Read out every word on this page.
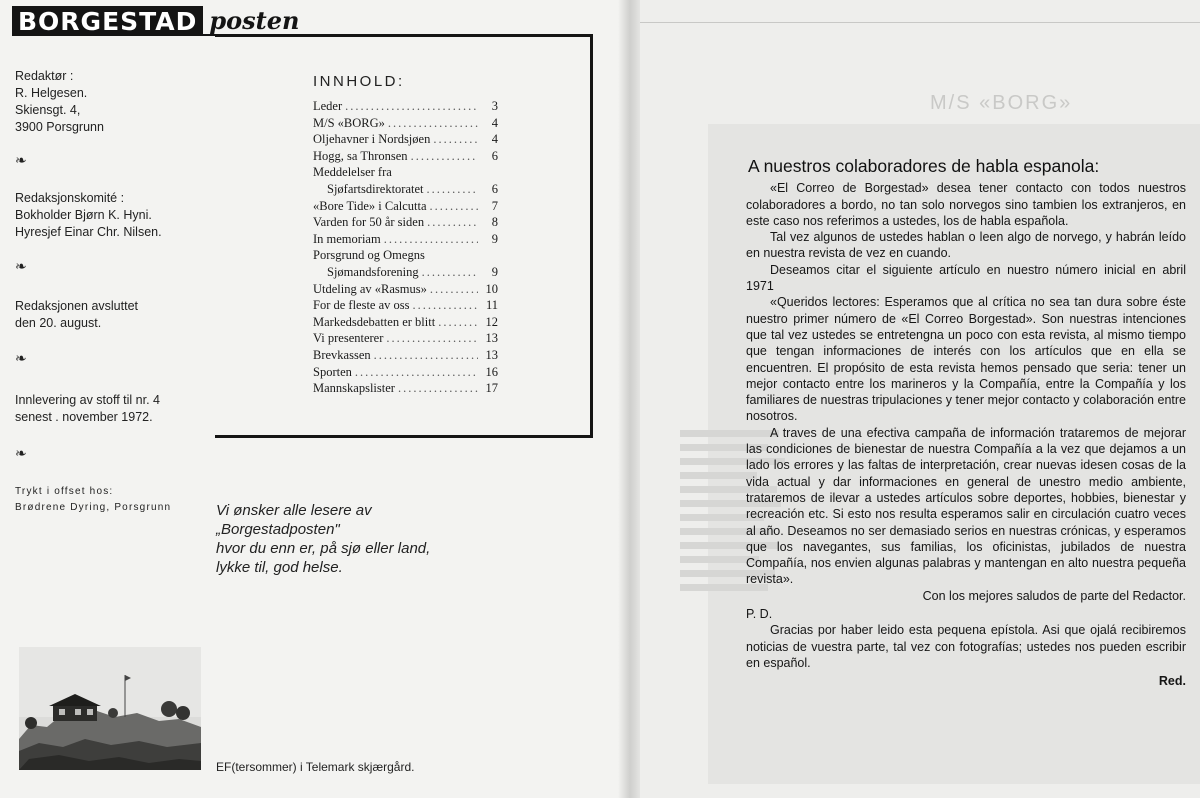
BORGESTAD posten
Redaktør :
R. Helgesen.
Skiensgt. 4,
3900 Porsgrunn
❧
Redaksjonskomité :
Bokholder Bjørn K. Hyni.
Hyresjef Einar Chr. Nilsen.
❧
Redaksjonen avsluttet
den 20. august.
❧
Innlevering av stoff til nr. 4
senest . november 1972.
❧
Trykt i offset hos:
Brødrene Dyring, Porsgrunn
INNHOLD:
Leder .....	3
M/S «BORG» .....	4
Oljehavner i Nordsjøen .....	4
Hogg, sa Thronsen .....	6
Meddelelser fra
Sjøfartsdirektoratet .....	6
«Bore Tide» i Calcutta .....	7
Varden for 50 år siden .....	8
In memoriam .....	9
Porsgrund og Omegns
Sjømandsforening .....	9
Utdeling av «Rasmus» .....	10
For de fleste av oss .....	11
Markedsdebatten er blitt .....	12
Vi presenterer .....	13
Brevkassen .....	13
Sporten .....	16
Mannskapslister .....	17
Vi ønsker alle lesere av
„Borgestadposten"
hvor du enn er, på sjø eller land,
lykke til, god helse.
EF(tersommer) i Telemark skjærgård.
M/S «BORG»
A nuestros colaboradores de habla espanola:

«El Correo de Borgestad» desea tener contacto con todos nuestros colaboradores a bordo, no tan solo norvegos sino tambien los extranjeros, en este caso nos referimos a ustedes, los de habla española.

Tal vez algunos de ustedes hablan o leen algo de norvego, y habrán leído en nuestra revista de vez en cuando.

Deseamos citar el siguiente artículo en nuestro número inicial en abril 1971

«Queridos lectores: Esperamos que al crítica no sea tan dura sobre éste nuestro primer número de «El Correo Borgestad». Son nuestras intenciones que tal vez ustedes se entretengna un poco con esta revista, al mismo tiempo que tengan informaciones de interés con los artículos que en ella se encuentren. El propósito de esta revista hemos pensado que seria: tener un mejor contacto entre los marineros y la Compañía, entre la Compañía y los familiares de nuestras tripulaciones y tener mejor contacto y colaboración entre nosotros.

A traves de una efectiva campaña de información trataremos de mejorar las condiciones de bienestar de nuestra Compañía a la vez que dejamos a un lado los errores y las faltas de interpretación, crear nuevas idesen cosas de la vida actual y dar informaciones en general de unestro medio ambiente, trataremos de ilevar a ustedes artículos sobre deportes, hobbies, bienestar y recreación etc. Si esto nos resulta esperamos salir en circulación cuatro veces al año. Deseamos no ser demasiado serios en nuestras crónicas, y esperamos que los navegantes, sus familias, los oficinistas, jubilados de nuestra Compañía, nos envien algunas palabras y mantengan en alto nuestra pequeña revista».

Con los mejores saludos de parte del Redactor.

P. D.

Gracias por haber leido esta pequena epístola. Asi que ojalá recibiremos noticias de vuestra parte, tal vez con fotografías; ustedes nos pueden escribir en español.

Red.
